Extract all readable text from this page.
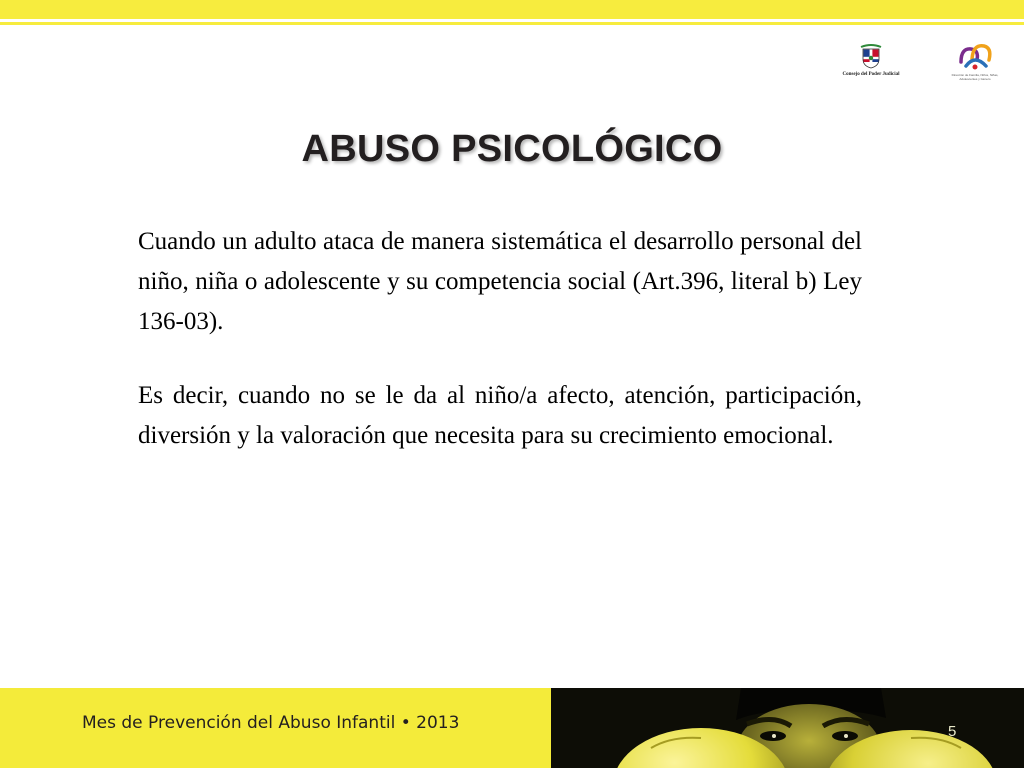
Consejo del Poder Judicial	Dirección de Familia, Niños, Niñas, Adolescentes y Género
ABUSO PSICOLÓGICO

Cuando un adulto ataca de manera sistemática el desarrollo personal del niño, niña o adolescente y su competencia social (Art.396, literal b) Ley 136-03).

Es decir, cuando no se le da al niño/a afecto, atención, participación, diversión y la valoración que necesita para su crecimiento emocional.

Mes de Prevención del Abuso Infantil • 2013	5
